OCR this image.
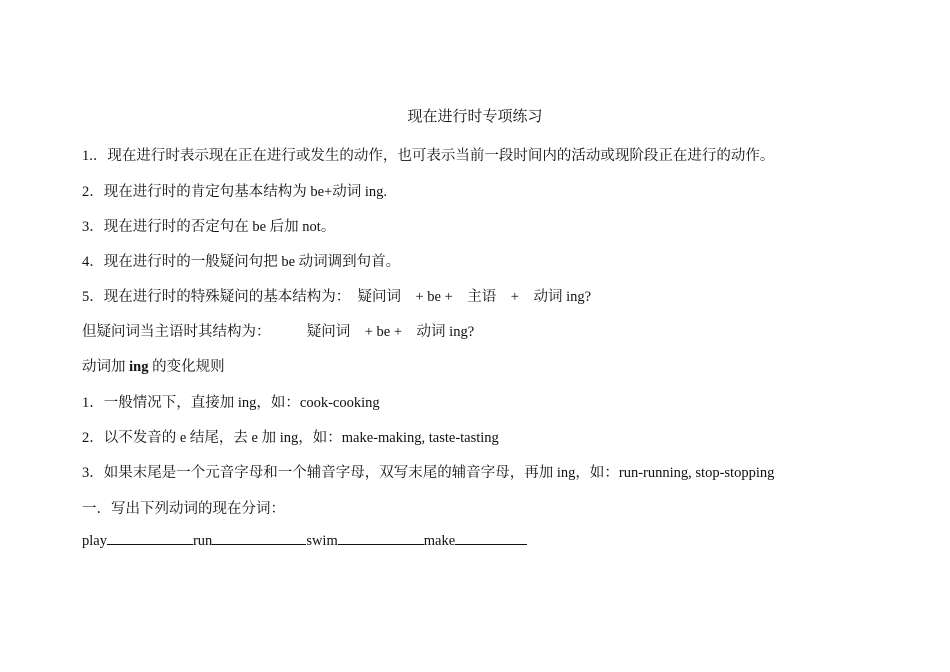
现在进行时专项练习
1.．现在进行时表示现在正在进行或发生的动作，也可表示当前一段时间内的活动或现阶段正在进行的动作。
2．现在进行时的肯定句基本结构为 be+动词 ing.
3．现在进行时的否定句在 be 后加 not。
4．现在进行时的一般疑问句把 be 动词调到句首。
5．现在进行时的特殊疑问的基本结构为：　疑问词　+ be +　主语　+　动词 ing?
但疑问词当主语时其结构为：　　　疑问词　+ be +　动词 ing?
动词加 ing 的变化规则
1．一般情况下，直接加 ing，如：cook-cooking
2．以不发音的 e 结尾，去 e 加 ing，如：make-making, taste-tasting
3．如果末尾是一个元音字母和一个辅音字母，双写末尾的辅音字母，再加 ing，如：run-running, stop-stopping
一．写出下列动词的现在分词：
play	run	swim	make
